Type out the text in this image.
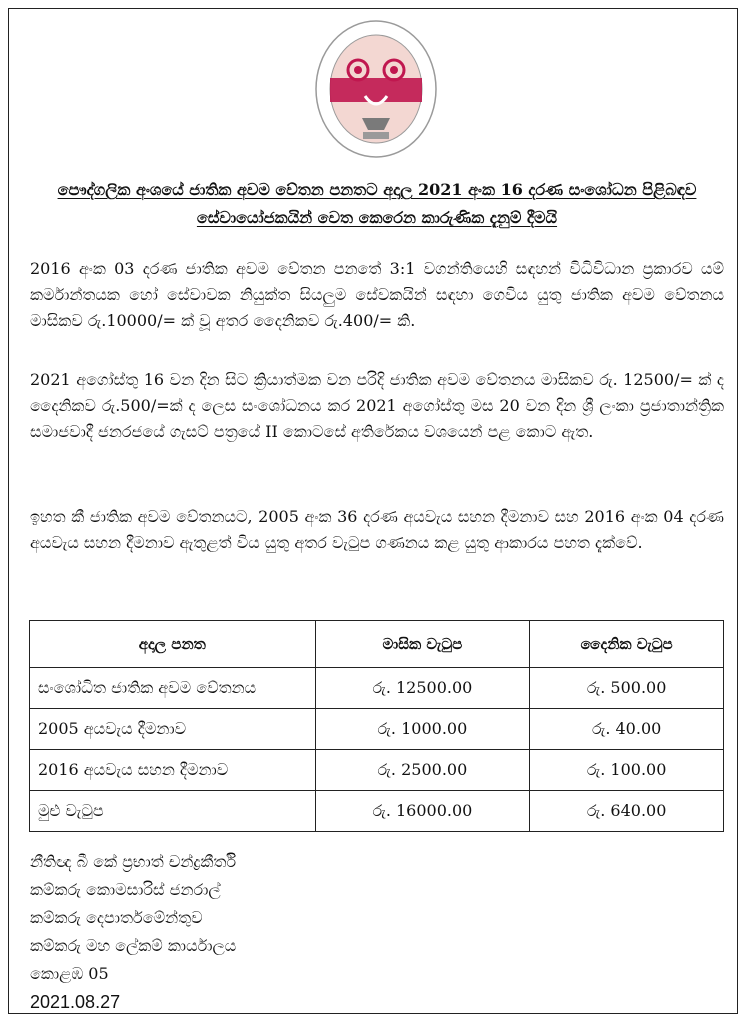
පෞද්ගලික අංශයේ ජාතික අවම වේතන පනතට අදාල 2021 අංක 16 දරණ සංශෝධන පිළිබඳව සේවායෝජකයින් වෙත කෙරෙන කාරුණික දැනුම් දීමයි
2016 අංක 03 දරණ ජාතික අවම වේතන පනතේ 3:1 වගන්තියෙහි සඳහන් විධිවිධාන ප්‍රකාරව යම් කර්මාන්තයක හෝ සේවාවක නියුක්ත සියලුම සේවකයින් සඳහා ගෙවිය යුතු ජාතික අවම වේතනය මාසිකව රු.10000/= ක් වූ අතර දෛනිකව රු.400/= කි.
2021 අගෝස්තු 16 වන දින සිට ක්‍රියාත්මක වන පරිදි ජාතික අවම වේතනය මාසිකව රු. 12500/= ක් ද දෛනිකව රු.500/=ක් ද ලෙස සංශෝධනය කර 2021 අගෝස්තු මස 20 වන දින ශ්‍රී ලංකා ප්‍රජාතාන්ත්‍රික සමාජවාදී ජනරජයේ ගැසට් පත්‍රයේ II කොටසේ අතිරේකය වශයෙන් පළ කොට ඇත.
ඉහත කී ජාතික අවම වේතනයට, 2005 අංක 36 දරණ අයවැය සහන දීමනාව සහ 2016 අංක 04 දරණ අයවැය සහන දීමනාව ඇතුළත් විය යුතු අතර වැටුප ගණනය කළ යුතු ආකාරය පහත දැක්වේ.
අදාල පනත	මාසික වැටුප	දෛනික වැටුප
සංශෝධිත ජාතික අවම වේතනය	රු. 12500.00	රු. 500.00
2005 අයවැය දීමනාව	රු. 1000.00	රු. 40.00
2016 අයවැය සහන දීමනාව	රු. 2500.00	රු. 100.00
මුළු වැටුප	රු. 16000.00	රු. 640.00
නීතිඥ බී කේ ප්‍රභාත් චන්ද්‍රකීර්ති
කම්කරු කොමසාරිස් ජනරාල්
කම්කරු දෙපාර්තමේන්තුව
කම්කරු මහ ලේකම් කාර්යාලය
කොළඹ 05
2021.08.27
